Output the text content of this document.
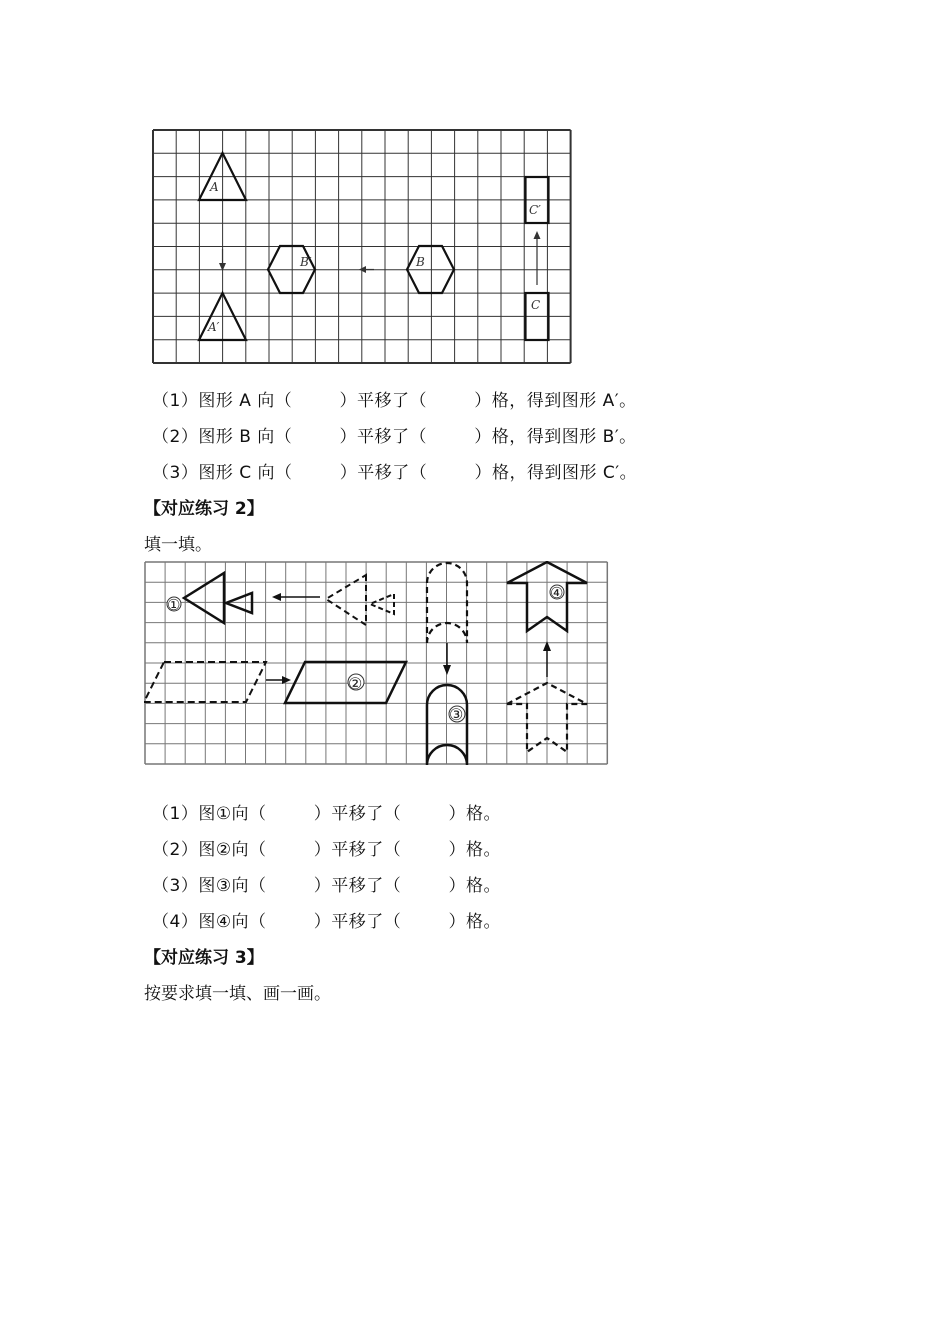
A
A′
B′	B
C′
C
（1）图形 A 向（        ）平移了（        ）格，得到图形 A′。
（2）图形 B 向（        ）平移了（        ）格，得到图形 B′。
（3）图形 C 向（        ）平移了（        ）格，得到图形 C′。
【对应练习 2】
填一填。
①
②
③
④
（1）图①向（        ）平移了（        ）格。
（2）图②向（        ）平移了（        ）格。
（3）图③向（        ）平移了（        ）格。
（4）图④向（        ）平移了（        ）格。
【对应练习 3】
按要求填一填、画一画。
